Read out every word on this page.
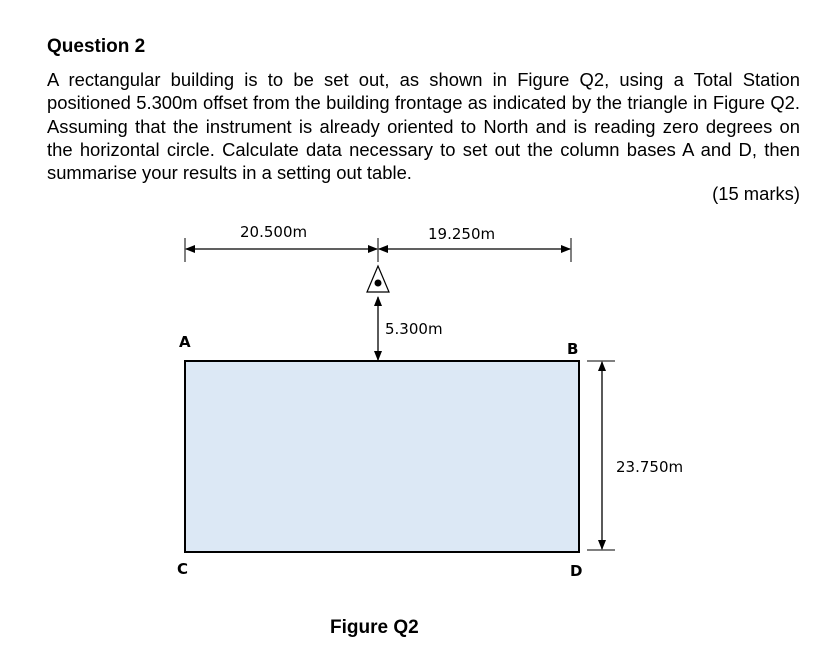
Question 2

A rectangular building is to be set out, as shown in Figure Q2, using a Total Station positioned 5.300m offset from the building frontage as indicated by the triangle in Figure Q2. Assuming that the instrument is already oriented to North and is reading zero degrees on the horizontal circle. Calculate data necessary to set out the column bases A and D, then summarise your results in a setting out table.

(15 marks)
20.500m	19.250m
5.300m
23.750m
A	B
C	D
Figure Q2
